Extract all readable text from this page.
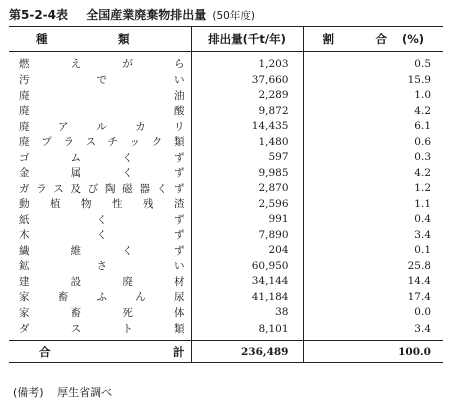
第5-2-4表 全国産業廃棄物排出量 (50年度)
種　類	排出量(千t/年)	割　合(%)

燃えがら	1,203	0.5

汚でい	37,660	15.9

廃油	2,289	1.0

廃酸	9,872	4.2

廃アルカリ	14,435	6.1

廃プラスチック類	1,480	0.6

ゴムくず	597	0.3

金属くず	9,985	4.2

ガラス及び陶磁器くず	2,870	1.2

動植物性残渣	2,596	1.1

紙くず	991	0.4

木くず	7,890	3.4

繊維くず	204	0.1

鉱さい	60,950	25.8

建設廃材	34,144	14.4

家畜ふん尿	41,184	17.4

家畜死体	38	0.0

ダスト類	8,101	3.4

合計	236,489	100.0
(備考) 厚生省調べ
